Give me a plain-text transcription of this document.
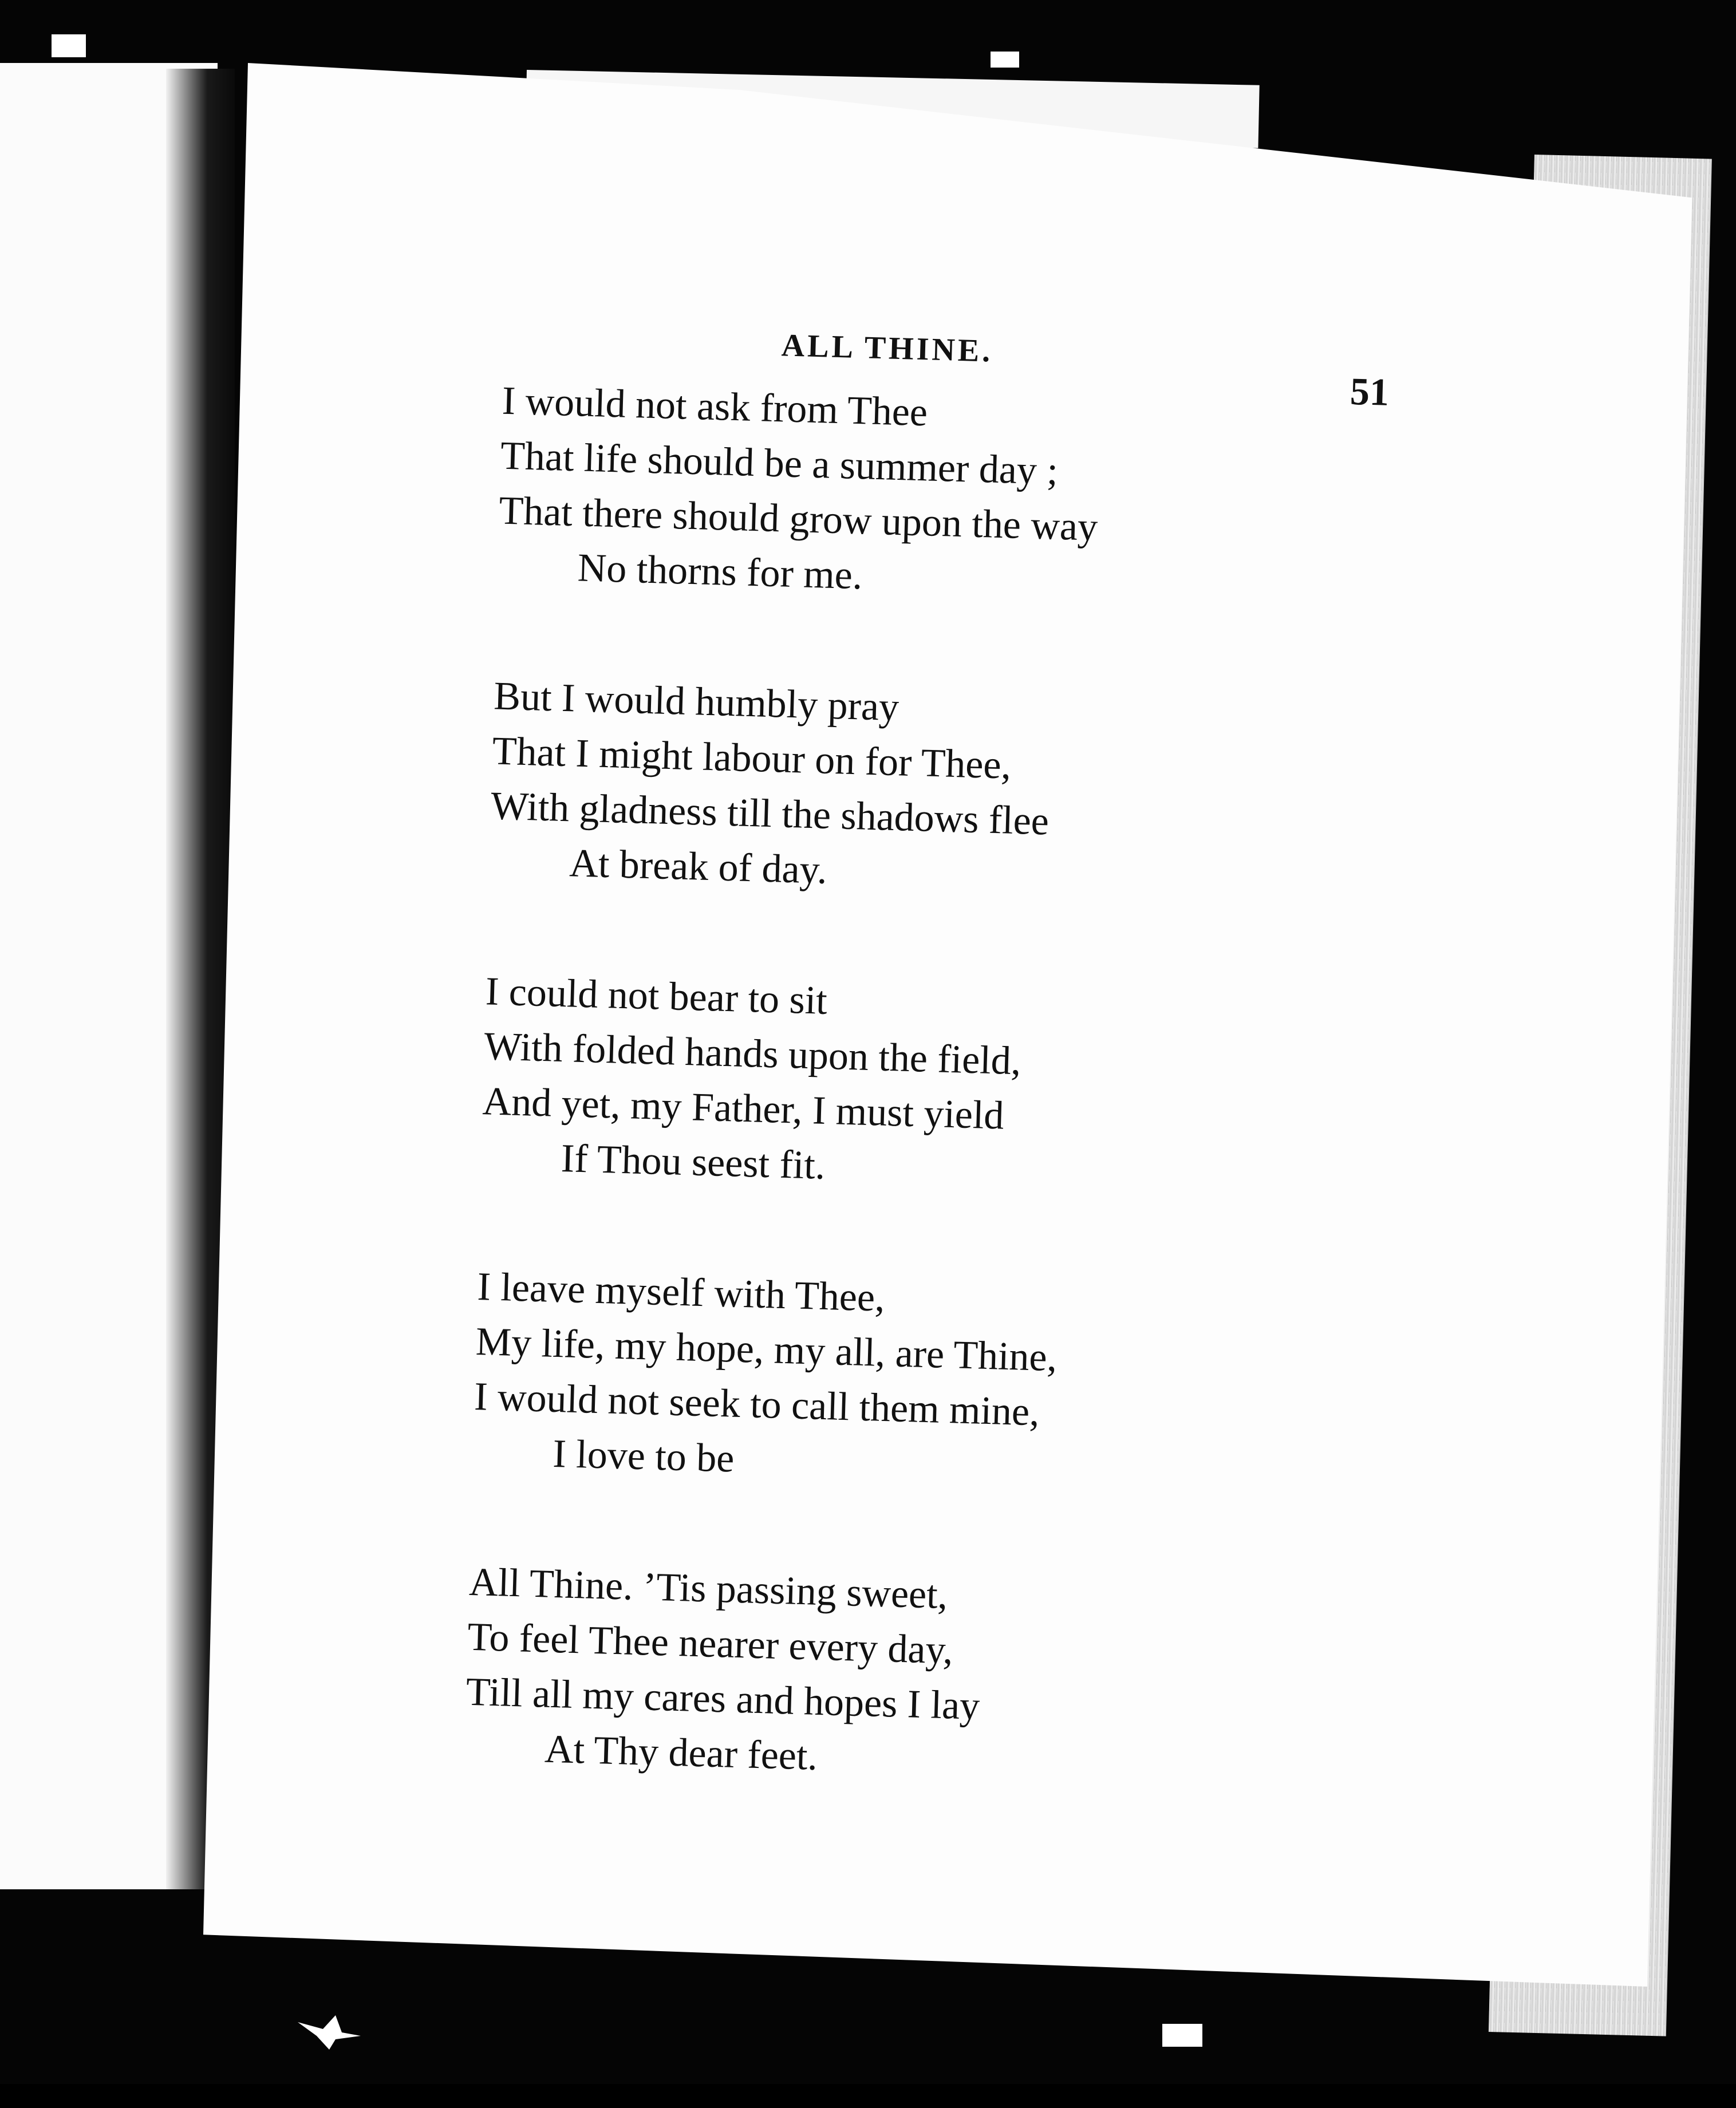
ALL THINE.
51
I would not ask from Thee
That life should be a summer day ;
That there should grow upon the way
No thorns for me.
But I would humbly pray
That I might labour on for Thee,
With gladness till the shadows flee
At break of day.
I could not bear to sit
With folded hands upon the field,
And yet, my Father, I must yield
If Thou seest fit.
I leave myself with Thee,
My life, my hope, my all, are Thine,
I would not seek to call them mine,
I love to be
All Thine. ’Tis passing sweet,
To feel Thee nearer every day,
Till all my cares and hopes I lay
At Thy dear feet.
